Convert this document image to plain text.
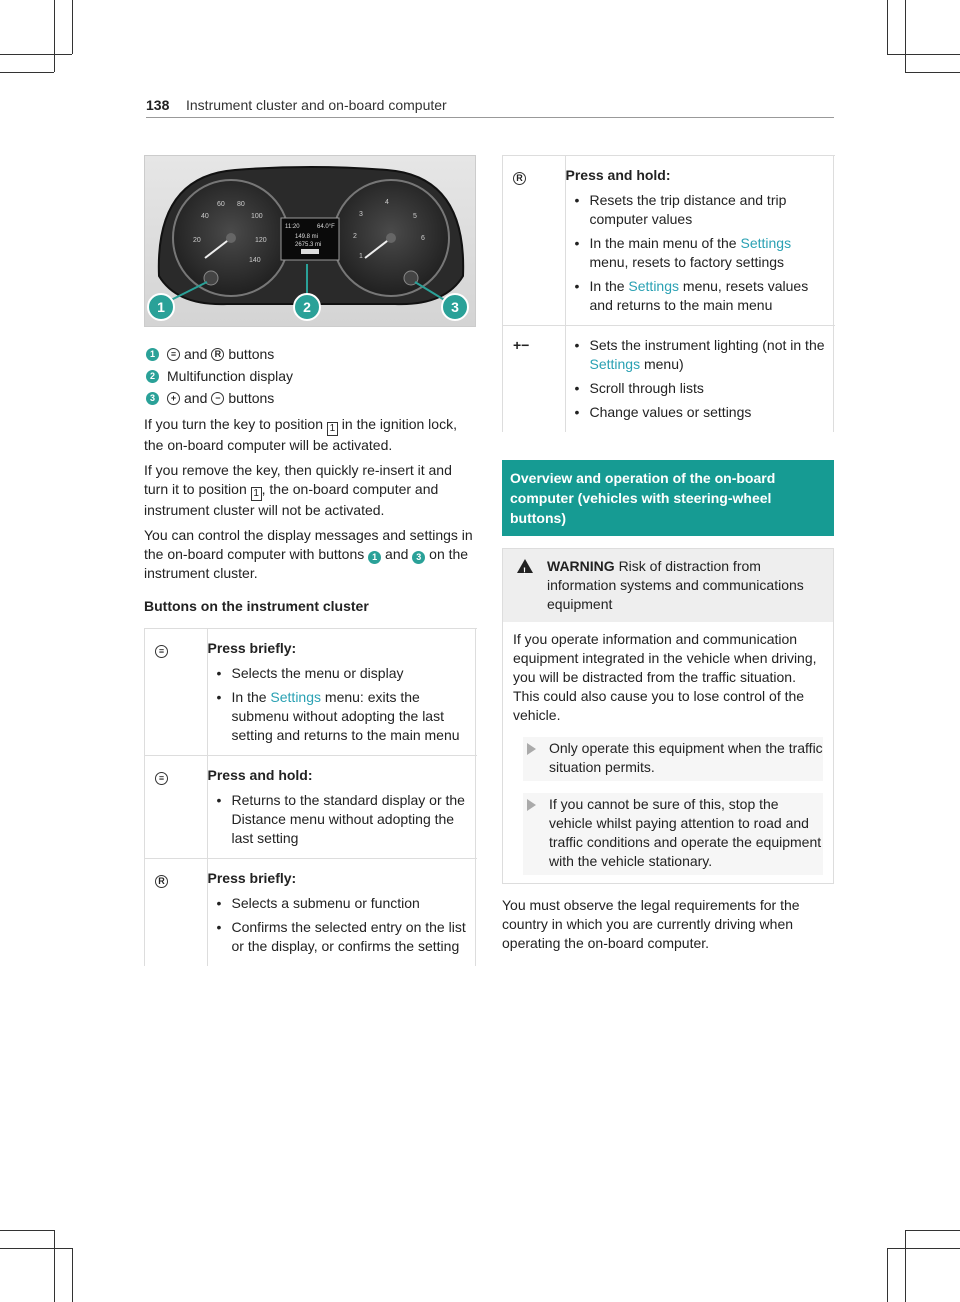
138 Instrument cluster and on-board computer
20
40
60 80
100
120
140
1
2
3
4
5
6
11:20	64.0°F
149.8 mi
2675.3 mi
1	2	3
1	≡ and R buttons
2 Multifunction display
3	+ and − buttons

If you turn the key to position 1 in the ignition lock, the on-board computer will be activated.

If you remove the key, then quickly re-insert it and turn it to position 1 , the on-board computer and instrument cluster will not be activated.

You can control the display messages and settings in the on-board computer with buttons 1 and 3 on the instrument cluster.

Buttons on the instrument cluster

≡	Press briefly:
• Selects the menu or display
• In the Settings menu: exits the submenu without adopting the last setting and returns to the main menu

≡	Press and hold:
• Returns to the standard display or the Distance menu without adopting the last setting

R	Press briefly:
• Selects a submenu or function
• Confirms the selected entry on the list or the display, or confirms the setting
R	Press and hold:
• Resets the trip distance and trip computer values
• In the main menu of the Settings menu, resets to factory settings
• In the Settings menu, resets values and returns to the main menu

+−	• Sets the instrument lighting (not in the Settings menu)
• Scroll through lists
• Change values or settings
Overview and operation of the on-board computer (vehicles with steering-wheel buttons)
!
WARNING Risk of distraction from information systems and communications equipment

If you operate information and communication equipment integrated in the vehicle when driving, you will be distracted from the traffic situation. This could also cause you to lose control of the vehicle.

Only operate this equipment when the traffic situation permits.
If you cannot be sure of this, stop the vehicle whilst paying attention to road and traffic conditions and operate the equipment with the vehicle stationary.

You must observe the legal requirements for the country in which you are currently driving when operating the on-board computer.
